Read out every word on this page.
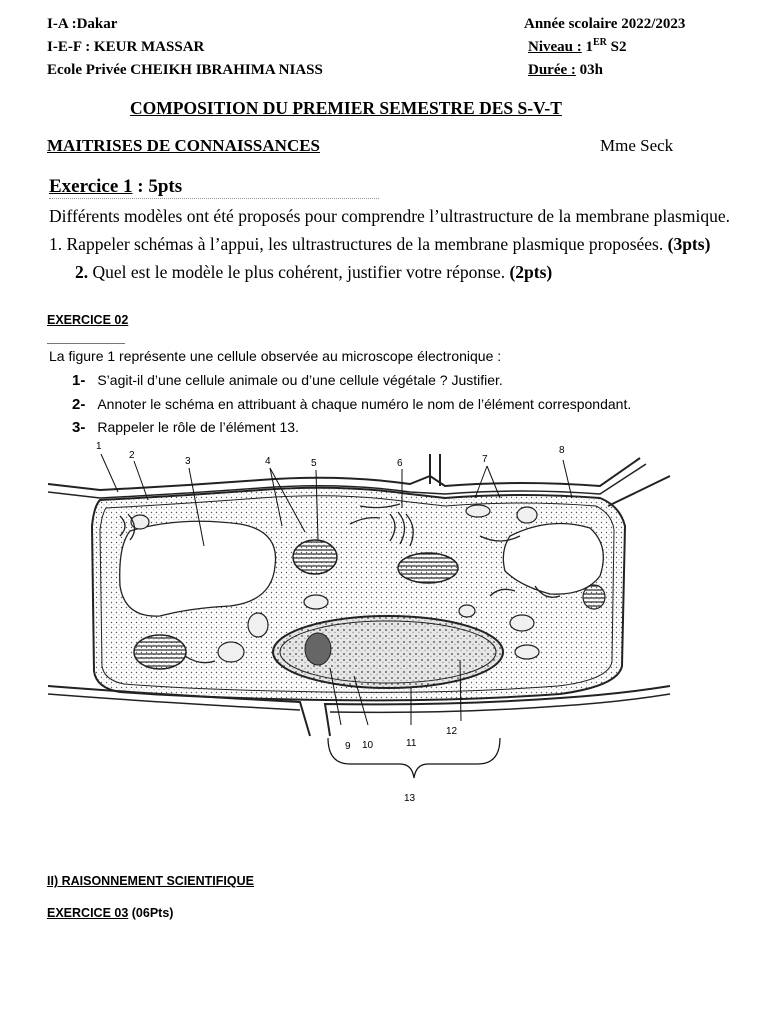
I-A :Dakar
I-E-F : KEUR MASSAR
Ecole Privée CHEIKH IBRAHIMA NIASS
Année scolaire 2022/2023
Niveau : 1ER S2
Durée : 03h
COMPOSITION DU PREMIER SEMESTRE DES S-V-T
MAITRISES DE CONNAISSANCES	Mme Seck
Exercice 1 : 5pts
Différents modèles ont été proposés pour comprendre l’ultrastructure de la membrane plasmique.
1. Rappeler schémas à l’appui, les ultrastructures de la membrane plasmique proposées. (3pts)
2. Quel est le modèle le plus cohérent, justifier votre réponse. (2pts)
EXERCICE 02
La figure 1 représente une cellule observée au microscope électronique :
1- S’agit-il d’une cellule animale ou d’une cellule végétale ? Justifier.
2- Annoter le schéma en attribuant à chaque numéro le nom de l’élément correspondant.
3- Rappeler le rôle de l’élément 13.
1
2
3	4	5	6	7
8
9 10	11
12
13
II) RAISONNEMENT SCIENTIFIQUE
EXERCICE 03 (06Pts)
